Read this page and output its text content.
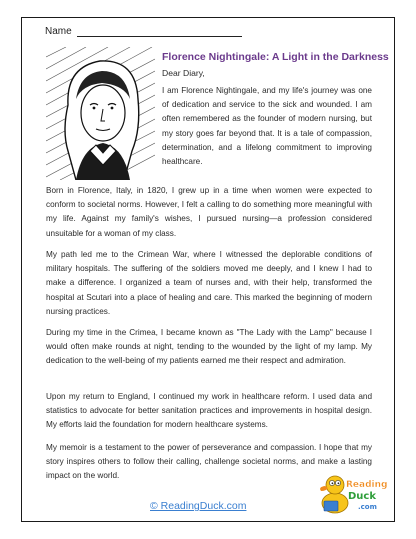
Name
Florence Nightingale: A Light in the Darkness
Dear Diary,

I am Florence Nightingale, and my life's journey was one of dedication and service to the sick and wounded. I am often remembered as the founder of modern nursing, but my story goes far beyond that. It is a tale of compassion, determination, and a lifelong commitment to improving healthcare.

Born in Florence, Italy, in 1820, I grew up in a time when women were expected to conform to societal norms. However, I felt a calling to do something more meaningful with my life. Against my family's wishes, I pursued nursing—a profession considered unsuitable for a woman of my class.

My path led me to the Crimean War, where I witnessed the deplorable conditions of military hospitals. The suffering of the soldiers moved me deeply, and I knew I had to make a difference. I organized a team of nurses and, with their help, transformed the hospital at Scutari into a place of healing and care. This marked the beginning of modern nursing practices.

During my time in the Crimea, I became known as "The Lady with the Lamp" because I would often make rounds at night, tending to the wounded by the light of my lamp. My dedication to the well-being of my patients earned me their respect and admiration.

Upon my return to England, I continued my work in healthcare reform. I used data and statistics to advocate for better sanitation practices and improvements in hospital design. My efforts laid the foundation for modern healthcare systems.

My memoir is a testament to the power of perseverance and compassion. I hope that my story inspires others to follow their calling, challenge societal norms, and make a lasting impact on the world.

© ReadingDuck.com
Reading
Duck
.com
